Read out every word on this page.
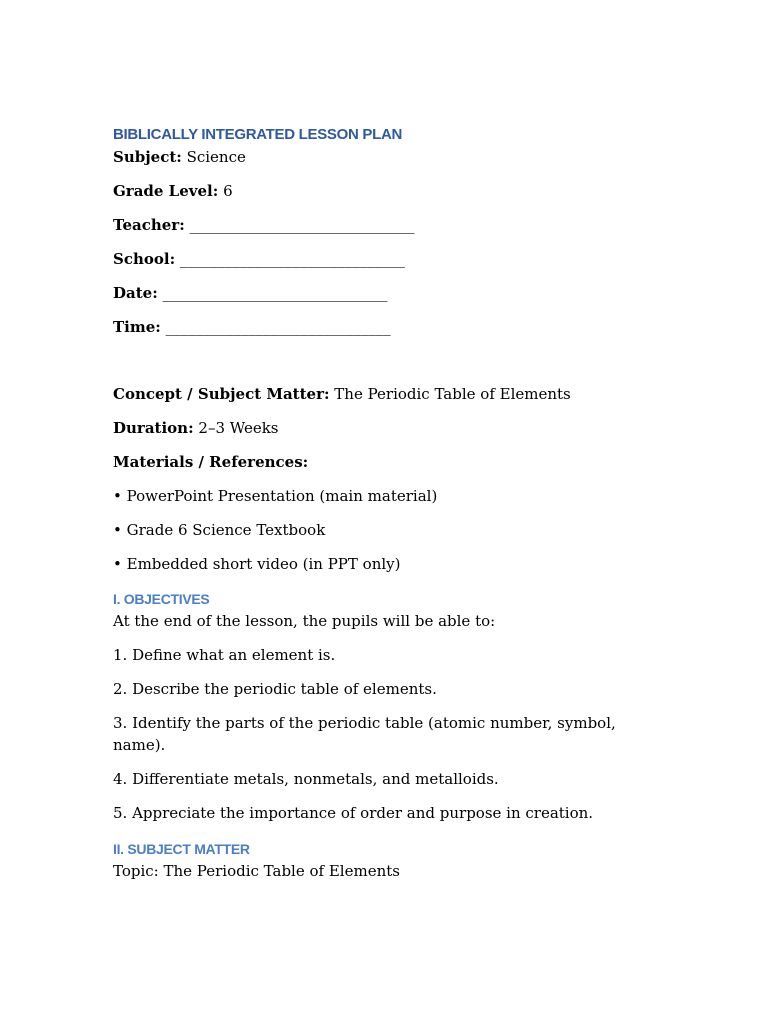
BIBLICALLY INTEGRATED LESSON PLAN

Subject: Science

Grade Level: 6

Teacher: ______________________________

School: ______________________________

Date: ______________________________

Time: ______________________________

Concept / Subject Matter: The Periodic Table of Elements

Duration: 2–3 Weeks

Materials / References:

• PowerPoint Presentation (main material)

• Grade 6 Science Textbook

• Embedded short video (in PPT only)

I. OBJECTIVES

At the end of the lesson, the pupils will be able to:

1. Define what an element is.

2. Describe the periodic table of elements.

3. Identify the parts of the periodic table (atomic number, symbol, name).

4. Differentiate metals, nonmetals, and metalloids.

5. Appreciate the importance of order and purpose in creation.

II. SUBJECT MATTER

Topic: The Periodic Table of Elements
